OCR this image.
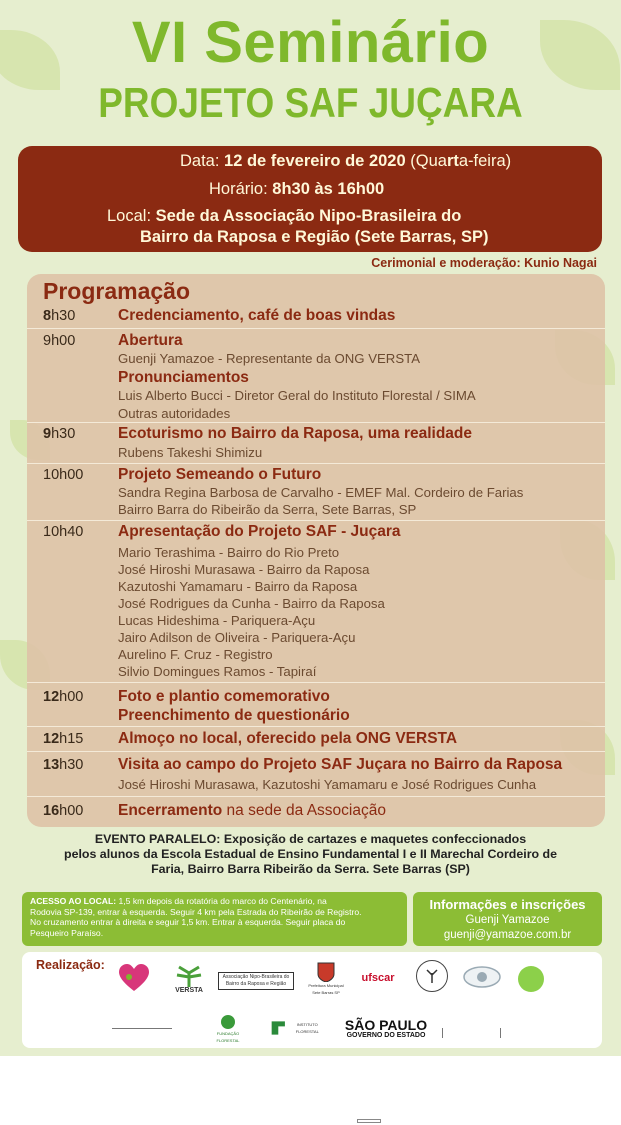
VI Seminário
PROJETO SAF JUÇARA
Data: 12 de fevereiro de 2020 (Quarta-feira)
Horário: 8h30 às 16h00
Local: Sede da Associação Nipo-Brasileira do
Bairro da Raposa e Região (Sete Barras, SP)
Cerimonial e moderação: Kunio Nagai
Programação
8h30	Credenciamento, café de boas vindas
9h00	Abertura
Guenji Yamazoe - Representante da ONG VERSTA
Pronunciamentos
Luis Alberto Bucci - Diretor Geral do Instituto Florestal / SIMA
Outras autoridades
9h30	Ecoturismo no Bairro da Raposa, uma realidade
Rubens Takeshi Shimizu
10h00 Projeto Semeando o Futuro
Sandra Regina Barbosa de Carvalho - EMEF Mal. Cordeiro de Farias
Bairro Barra do Ribeirão da Serra, Sete Barras, SP
10h40 Apresentação do Projeto SAF - Juçara
Mario Terashima - Bairro do Rio Preto
José Hiroshi Murasawa - Bairro da Raposa
Kazutoshi Yamamaru - Bairro da Raposa
José Rodrigues da Cunha - Bairro da Raposa
Lucas Hideshima - Pariquera-Açu
Jairo Adilson de Oliveira - Pariquera-Açu
Aurelino F. Cruz - Registro
Silvio Domingues Ramos - Tapiraí
12h00 Foto e plantio comemorativo
Preenchimento de questionário
12h15 Almoço no local, oferecido pela ONG VERSTA
13h30 Visita ao campo do Projeto SAF Juçara no Bairro da Raposa
José Hiroshi Murasawa, Kazutoshi Yamamaru e José Rodrigues Cunha
16h00 Encerramento na sede da Associação
EVENTO PARALELO: Exposição de cartazes e maquetes confeccionados
pelos alunos da Escola Estadual de Ensino Fundamental I e II Marechal Cordeiro de
Faria, Bairro Barra Ribeirão da Serra. Sete Barras (SP)
ACESSO AO LOCAL: 1,5 km depois da rotatória do marco do Centenário, na
Rodovia SP-139, entrar à esquerda. Seguir 4 km pela Estrada do Ribeirão de Registro.
No cruzamento entrar à direita e seguir 1,5 km. Entrar à esquerda. Seguir placa do
Pesqueiro Paraíso.
Informações e inscrições
Guenji Yamazoe
guenji@yamazoe.com.br
Realização:
VERSTA
Associação Nipo-Brasileira do Bairro da Raposa e Região	Prefeitura Municipal Sete Barras SP
ufscar
FUNDAÇÃO FLORESTAL
INSTITUTO FLORESTAL	SÃO PAULO
GOVERNO DO ESTADO
